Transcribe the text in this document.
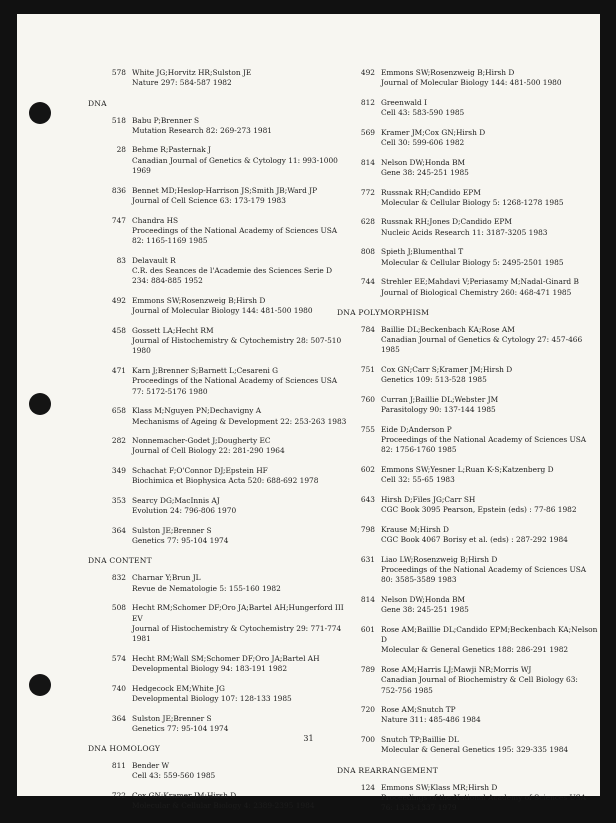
578 White JG;Horvitz HR;Sulston JE
Nature 297: 584-587 1982
DNA
518 Babu P;Brenner S
Mutation Research 82: 269-273 1981
28 Behme R;Pasternak J
Canadian Journal of Genetics & Cytology 11: 993-1000
1969
836 Bennet MD;Heslop-Harrison JS;Smith JB;Ward JP
Journal of Cell Science 63: 173-179 1983
747 Chandra HS
Proceedings of the National Academy of Sciences USA
82: 1165-1169 1985
83 Delavault R
C.R. des Seances de l'Academie des Sciences Serie D
234: 884-885 1952
492 Emmons SW;Rosenzweig B;Hirsh D
Journal of Molecular Biology 144: 481-500 1980
458 Gossett LA;Hecht RM
Journal of Histochemistry & Cytochemistry 28: 507-510
1980
471 Karn J;Brenner S;Barnett L;Cesareni G
Proceedings of the National Academy of Sciences USA
77: 5172-5176 1980
658 Klass M;Nguyen PN;Dechavigny A
Mechanisms of Ageing & Development 22: 253-263 1983
282 Nonnemacher-Godet J;Dougherty EC
Journal of Cell Biology 22: 281-290 1964
349 Schachat F;O'Connor DJ;Epstein HF
Biochimica et Biophysica Acta 520: 688-692 1978
353 Searcy DG;MacInnis AJ
Evolution 24: 796-806 1970
364 Sulston JE;Brenner S
Genetics 77: 95-104 1974
DNA CONTENT
832 Charnar Y;Brun JL
Revue de Nematologie 5: 155-160 1982
508 Hecht RM;Schomer DF;Oro JA;Bartel AH;Hungerford III
EV
Journal of Histochemistry & Cytochemistry 29: 771-774
1981
574 Hecht RM;Wall SM;Schomer DF;Oro JA;Bartel AH
Developmental Biology 94: 183-191 1982
740 Hedgecock EM;White JG
Developmental Biology 107: 128-133 1985
364 Sulston JE;Brenner S
Genetics 77: 95-104 1974
DNA HOMOLOGY
811 Bender W
Cell 43: 559-560 1985
722 Cox GN;Kramer JM;Hirsh D
Molecular & Cellular Biology 4: 2389-2395 1984
492 Emmons SW;Rosenzweig B;Hirsh D
Journal of Molecular Biology 144: 481-500 1980
812 Greenwald I
Cell 43: 583-590 1985
569 Kramer JM;Cox GN;Hirsh D
Cell 30: 599-606 1982
814 Nelson DW;Honda BM
Gene 38: 245-251 1985
772 Russnak RH;Candido EPM
Molecular & Cellular Biology 5: 1268-1278 1985
628 Russnak RH;Jones D;Candido EPM
Nucleic Acids Research 11: 3187-3205 1983
808 Spieth J;Blumenthal T
Molecular & Cellular Biology 5: 2495-2501 1985
744 Strehler EE;Mahdavi V;Periasamy M;Nadal-Ginard B
Journal of Biological Chemistry 260: 468-471 1985
DNA POLYMORPHISM
784 Baillie DL;Beckenbach KA;Rose AM
Canadian Journal of Genetics & Cytology 27: 457-466
1985
751 Cox GN;Carr S;Kramer JM;Hirsh D
Genetics 109: 513-528 1985
760 Curran J;Baillie DL;Webster JM
Parasitology 90: 137-144 1985
755 Eide D;Anderson P
Proceedings of the National Academy of Sciences USA
82: 1756-1760 1985
602 Emmons SW;Yesner L;Ruan K-S;Katzenberg D
Cell 32: 55-65 1983
643 Hirsh D;Files JG;Carr SH
CGC Book 3095 Pearson, Epstein (eds) : 77-86 1982
798 Krause M;Hirsh D
CGC Book 4067 Borisy et al. (eds) : 287-292 1984
631 Liao LW;Rosenzweig B;Hirsh D
Proceedings of the National Academy of Sciences USA
80: 3585-3589 1983
814 Nelson DW;Honda BM
Gene 38: 245-251 1985
601 Rose AM;Baillie DL;Candido EPM;Beckenbach KA;Nelson
D
Molecular & General Genetics 188: 286-291 1982
789 Rose AM;Harris LJ;Mawji NR;Morris WJ
Canadian Journal of Biochemistry & Cell Biology 63:
752-756 1985
720 Rose AM;Snutch TP
Nature 311: 485-486 1984
700 Snutch TP;Baillie DL
Molecular & General Genetics 195: 329-335 1984
DNA REARRANGEMENT
124 Emmons SW;Klass MR;Hirsh D
Proceedings of the National Academy of Sciences USA
76: 1333-1337 1979
31
